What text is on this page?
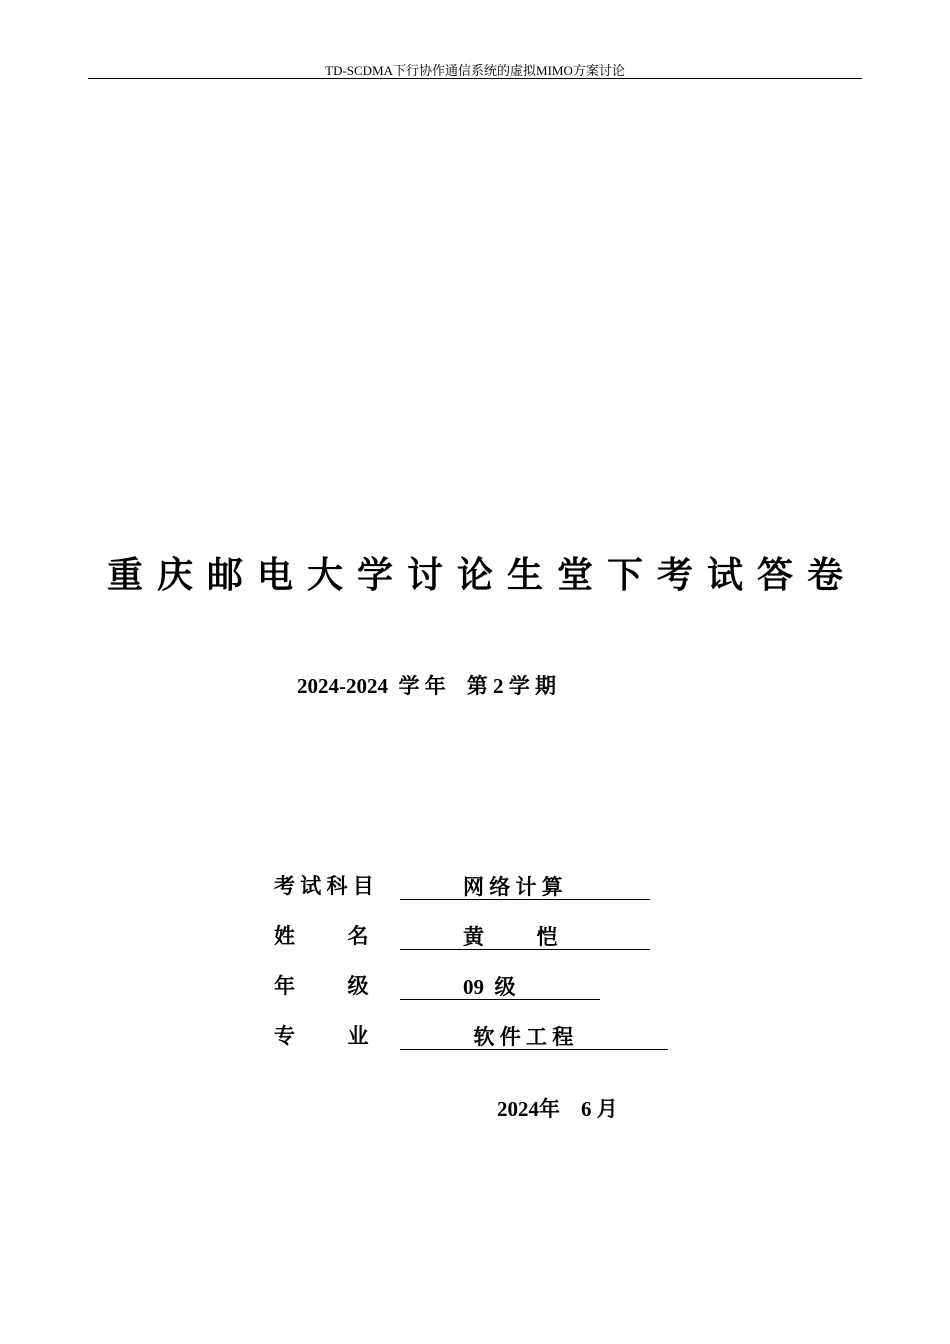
TD-SCDMA下行协作通信系统的虚拟MIMO方案讨论
重庆邮电大学讨论生堂下考试答卷
2024-2024  学 年    第 2 学 期
考 试 科 目            网 络 计 算
姓          名            黄          恺
年          级            09  级
专          业              软 件 工 程
2024年    6 月
